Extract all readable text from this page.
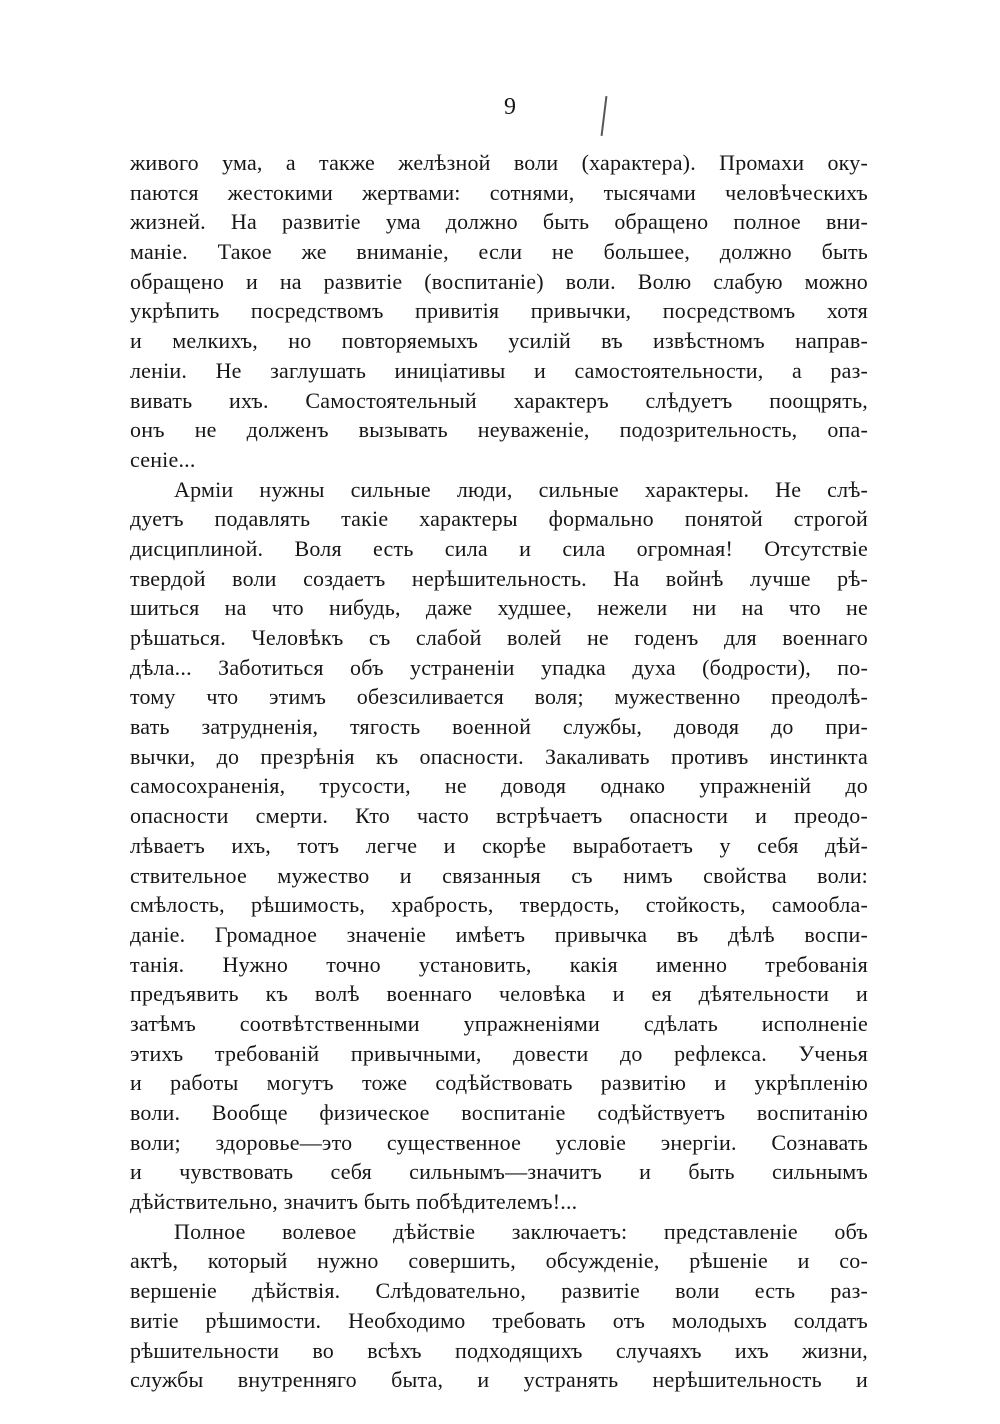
9
живого ума, а также желѣзной воли (характера). Промахи оку-
паются жестокими жертвами: сотнями, тысячами человѣческихъ
жизней. На развитіе ума должно быть обращено полное вни-
маніе. Такое же вниманіе, если не большее, должно быть
обращено и на развитіе (воспитаніе) воли. Волю слабую можно
укрѣпить посредствомъ привитія привычки, посредствомъ хотя
и мелкихъ, но повторяемыхъ усилій въ извѣстномъ направ-
леніи. Не заглушать иниціативы и самостоятельности, а раз-
вивать ихъ. Самостоятельный характеръ слѣдуетъ поощрять,
онъ не долженъ вызывать неуваженіе, подозрительность, опа-
сеніе...
Арміи нужны сильные люди, сильные характеры. Не слѣ-
дуетъ подавлять такіе характеры формально понятой строгой
дисциплиной. Воля есть сила и сила огромная! Отсутствіе
твердой воли создаетъ нерѣшительность. На войнѣ лучше рѣ-
шиться на что нибудь, даже худшее, нежели ни на что не
рѣшаться. Человѣкъ съ слабой волей не годенъ для военнаго
дѣла... Заботиться объ устраненіи упадка духа (бодрости), по-
тому что этимъ обезсиливается воля; мужественно преодолѣ-
вать затрудненія, тягость военной службы, доводя до при-
вычки, до презрѣнія къ опасности. Закаливать противъ инстинкта
самосохраненія, трусости, не доводя однако упражненій до
опасности смерти. Кто часто встрѣчаетъ опасности и преодо-
лѣваетъ ихъ, тотъ легче и скорѣе выработаетъ у себя дѣй-
ствительное мужество и связанныя съ нимъ свойства воли:
смѣлость, рѣшимость, храбрость, твердость, стойкость, самообла-
даніе. Громадное значеніе имѣетъ привычка въ дѣлѣ воспи-
танія. Нужно точно установить, какія именно требованія
предъявить къ волѣ военнаго человѣка и ея дѣятельности и
затѣмъ соотвѣтственными упражненіями сдѣлать исполненіе
этихъ требованій привычными, довести до рефлекса. Ученья
и работы могутъ тоже содѣйствовать развитію и укрѣпленію
воли. Вообще физическое воспитаніе содѣйствуетъ воспитанію
воли; здоровье—это существенное условіе энергіи. Сознавать
и чувствовать себя сильнымъ—значитъ и быть сильнымъ
дѣйствительно, значитъ быть побѣдителемъ!...
Полное волевое дѣйствіе заключаетъ: представленіе объ
актѣ, который нужно совершить, обсужденіе, рѣшеніе и со-
вершеніе дѣйствія. Слѣдовательно, развитіе воли есть раз-
витіе рѣшимости. Необходимо требовать отъ молодыхъ солдатъ
рѣшительности во всѣхъ подходящихъ случаяхъ ихъ жизни,
службы внутренняго быта, и устранять нерѣшительность и
